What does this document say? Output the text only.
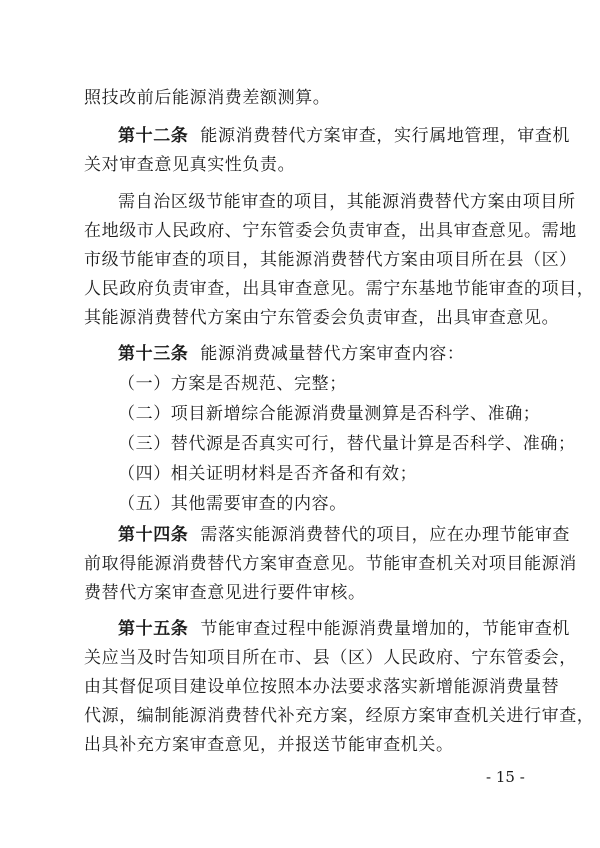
照技改前后能源消费差额测算。
第十二条 能源消费替代方案审查，实行属地管理，审查机
关对审查意见真实性负责。
需自治区级节能审查的项目，其能源消费替代方案由项目所
在地级市人民政府、宁东管委会负责审查，出具审查意见。需地
市级节能审查的项目，其能源消费替代方案由项目所在县（区）
人民政府负责审查，出具审查意见。需宁东基地节能审查的项目，
其能源消费替代方案由宁东管委会负责审查，出具审查意见。
第十三条 能源消费减量替代方案审查内容：
（一）方案是否规范、完整；
（二）项目新增综合能源消费量测算是否科学、准确；
（三）替代源是否真实可行，替代量计算是否科学、准确；
（四）相关证明材料是否齐备和有效；
（五）其他需要审查的内容。
第十四条 需落实能源消费替代的项目，应在办理节能审查
前取得能源消费替代方案审查意见。节能审查机关对项目能源消
费替代方案审查意见进行要件审核。
第十五条 节能审查过程中能源消费量增加的，节能审查机
关应当及时告知项目所在市、县（区）人民政府、宁东管委会，
由其督促项目建设单位按照本办法要求落实新增能源消费量替
代源，编制能源消费替代补充方案，经原方案审查机关进行审查，
出具补充方案审查意见，并报送节能审查机关。
- 15 -
